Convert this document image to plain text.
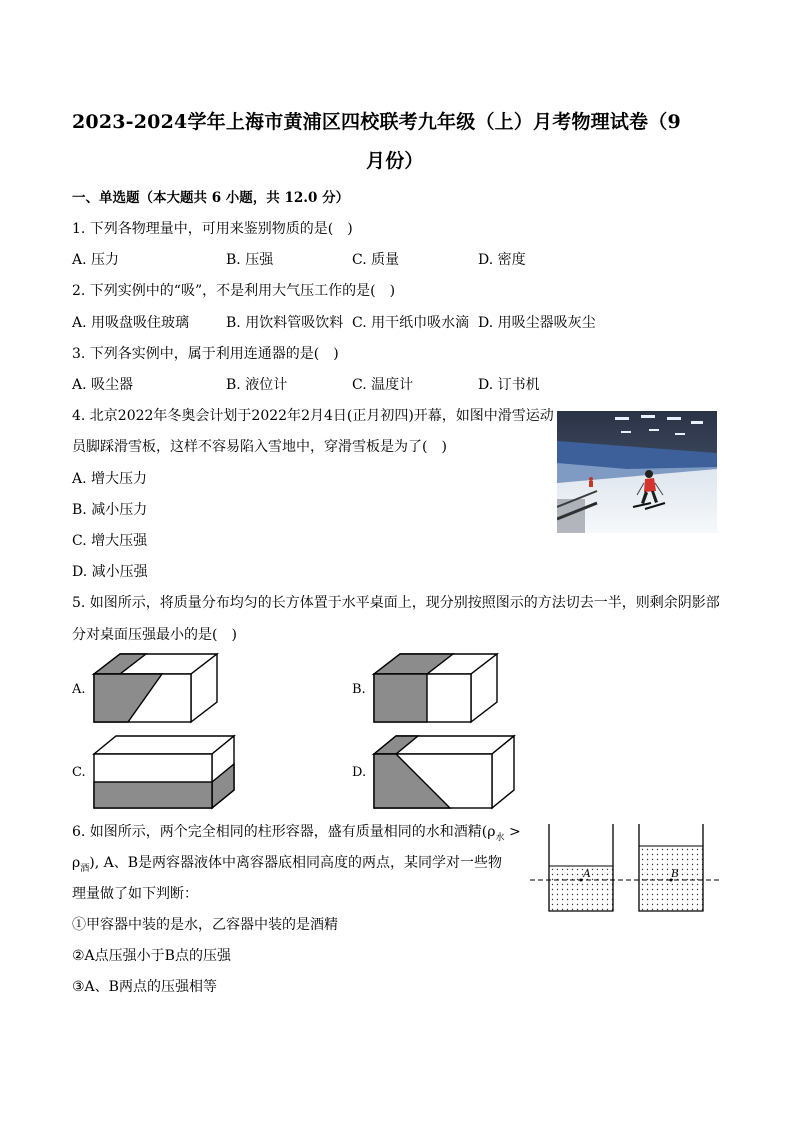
2023-2024学年上海市黄浦区四校联考九年级（上）月考物理试卷（9
月份）
一、单选题（本大题共 6 小题，共 12.0 分）
1. 下列各物理量中，可用来鉴别物质的是(　)
A. 压力	B. 压强	C. 质量	D. 密度
2. 下列实例中的“吸”，不是利用大气压工作的是(　)
A. 用吸盘吸住玻璃	B. 用饮料管吸饮料 C. 用干纸巾吸水滴 D. 用吸尘器吸灰尘
3. 下列各实例中，属于利用连通器的是(　)
A. 吸尘器	B. 液位计	C. 温度计	D. 订书机
4. 北京2022年冬奥会计划于2022年2月4日(正月初四)开幕，如图中滑雪运动
员脚踩滑雪板，这样不容易陷入雪地中，穿滑雪板是为了(　)
A. 增大压力
B. 减小压力
C. 增大压强
D. 减小压强
5. 如图所示，将质量分布均匀的长方体置于水平桌面上，现分别按照图示的方法切去一半，则剩余阴影部
分对桌面压强最小的是(　)
A.	B.
C.	D.
6. 如图所示，两个完全相同的柱形容器，盛有质量相同的水和酒精($\rho_水$ >
$\rho_酒$), A、B是两容器液体中离容器底相同高度的两点，某同学对一些物
理量做了如下判断：
①甲容器中装的是水，乙容器中装的是酒精
②A点压强小于B点的压强
③A、B两点的压强相等
A	B
